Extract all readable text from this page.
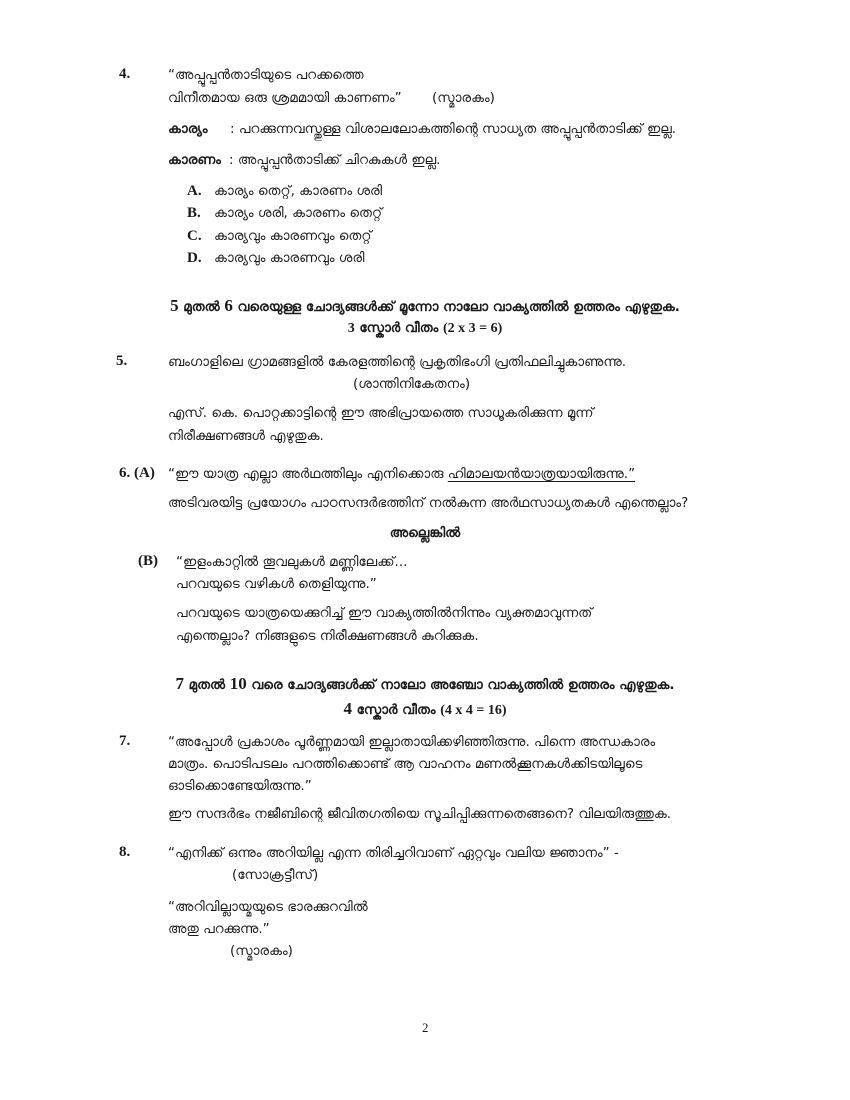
4.	“അപ്പൂപ്പൻതാടിയുടെ പറക്കത്തെ
വിനീതമായ ഒരു ശ്രമമായി കാണണം” (സ്മാരകം)
കാര്യം : പറക്കുന്നവസ്തുള്ള വിശാലലോകത്തിന്റെ സാധ്യത അപ്പൂപ്പൻതാടിക്ക് ഇല്ല.
കാരണം : അപ്പൂപ്പൻതാടിക്ക് ചിറകുകൾ ഇല്ല.
A. കാര്യം തെറ്റ്, കാരണം ശരി
B. കാര്യം ശരി, കാരണം തെറ്റ്
C. കാര്യവും കാരണവും തെറ്റ്
D. കാര്യവും കാരണവും ശരി
5 മുതൽ 6 വരെയുള്ള ചോദ്യങ്ങൾക്ക് മൂന്നോ നാലോ വാക്യത്തിൽ ഉത്തരം എഴുതുക.
3 സ്കോർ വീതം (2 x 3 = 6)
5.	ബംഗാളിലെ ഗ്രാമങ്ങളിൽ കേരളത്തിന്റെ പ്രകൃതിഭംഗി പ്രതിഫലിച്ചുകാണുന്നു.
(ശാന്തിനികേതനം)
എസ്. കെ. പൊറ്റക്കാട്ടിന്റെ ഈ അഭിപ്രായത്തെ സാധൂകരിക്കുന്ന മൂന്ന്
നിരീക്ഷണങ്ങൾ എഴുതുക.
6. (A) “ഈ യാത്ര എല്ലാ അർഥത്തിലും എനിക്കൊരു ഹിമാലയൻയാത്രയായിരുന്നു.”
അടിവരയിട്ട പ്രയോഗം പാഠസന്ദർഭത്തിന് നൽകുന്ന അർഥസാധ്യതകൾ എന്തെല്ലാം?
അല്ലെങ്കിൽ
(B) “ഇളംകാറ്റിൽ തൂവലുകൾ മണ്ണിലേക്ക്...
പറവയുടെ വഴികൾ തെളിയുന്നു.”
പറവയുടെ യാത്രയെക്കുറിച്ച് ഈ വാക്യത്തിൽനിന്നും വ്യക്തമാവുന്നത്
എന്തെല്ലാം? നിങ്ങളുടെ നിരീക്ഷണങ്ങൾ കുറിക്കുക.
7 മുതൽ 10 വരെ ചോദ്യങ്ങൾക്ക് നാലോ അഞ്ചോ വാക്യത്തിൽ ഉത്തരം എഴുതുക.
4 സ്കോർ വീതം (4 x 4 = 16)
7.	“അപ്പോൾ പ്രകാശം പൂർണ്ണമായി ഇല്ലാതായിക്കഴിഞ്ഞിരുന്നു. പിന്നെ അന്ധകാരം
മാത്രം. പൊടിപടലം പറത്തിക്കൊണ്ട് ആ വാഹനം മണൽക്കൂനകൾക്കിടയിലൂടെ
ഓടിക്കൊണ്ടേയിരുന്നു.”
ഈ സന്ദർഭം നജീബിന്റെ ജീവിതഗതിയെ സൂചിപ്പിക്കുന്നതെങ്ങനെ? വിലയിരുത്തുക.
8.	“എനിക്ക് ഒന്നും അറിയില്ല എന്ന തിരിച്ചറിവാണ് ഏറ്റവും വലിയ ജ്ഞാനം” -
(സോക്രട്ടീസ്)
“അറിവില്ലായ്മയുടെ ഭാരക്കുറവിൽ
അതു പറക്കുന്നു.”
(സ്മാരകം)
2
